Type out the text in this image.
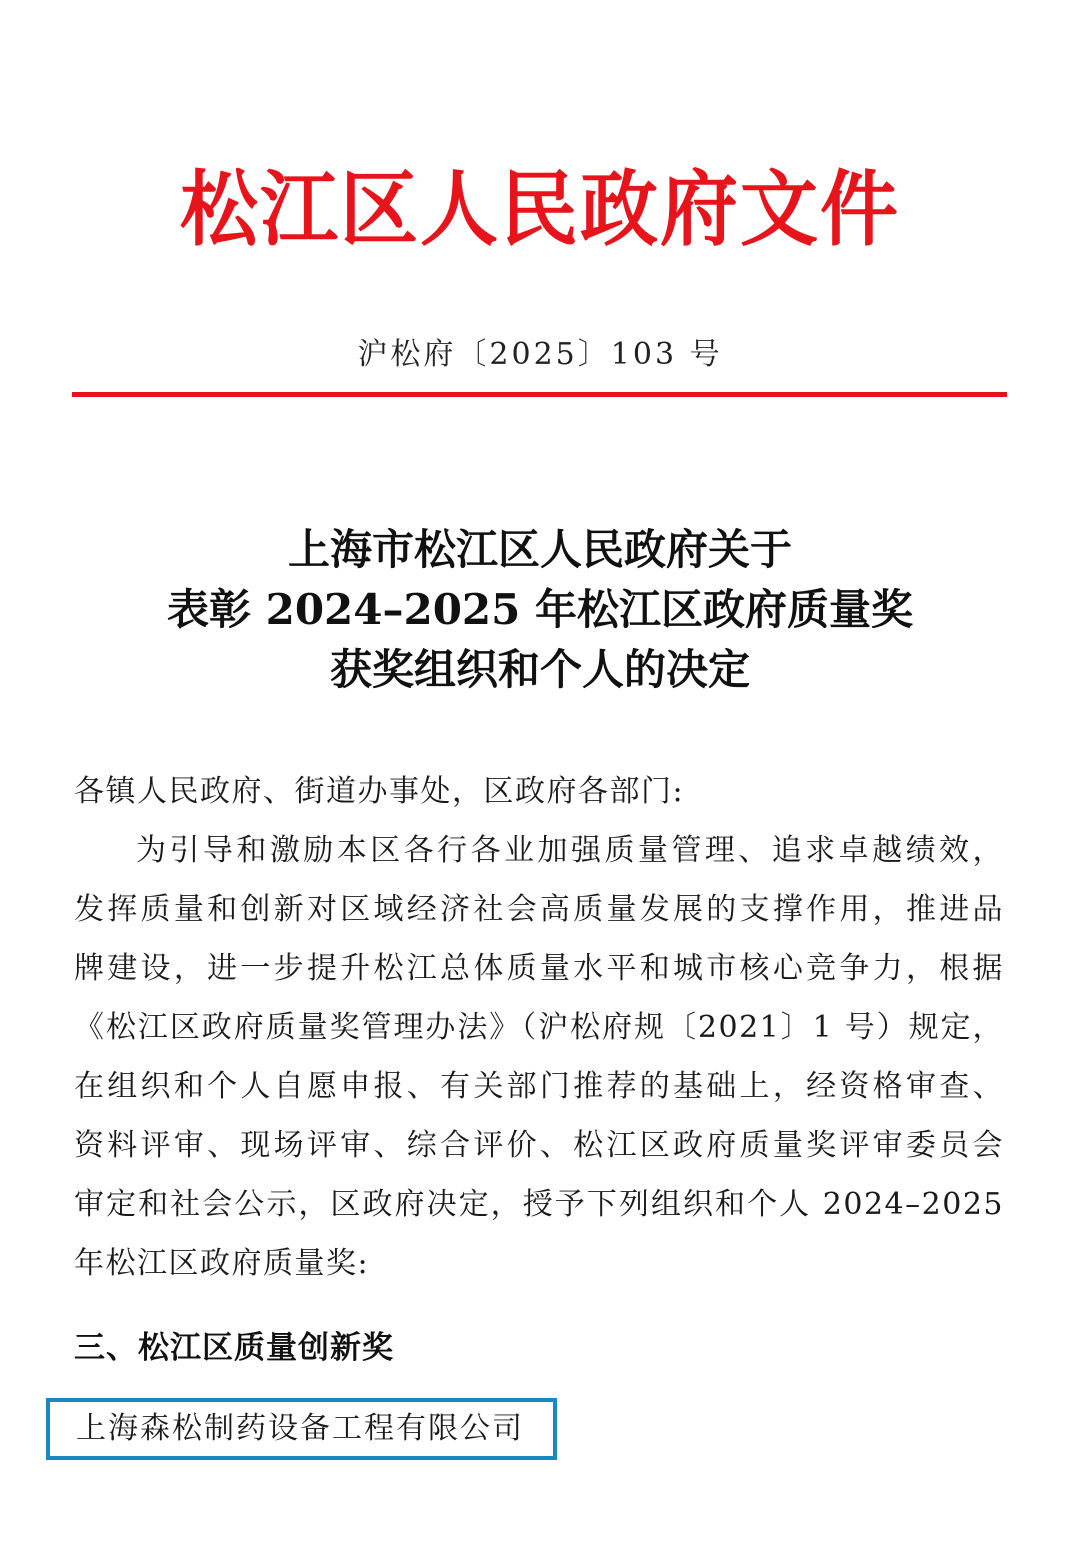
松江区人民政府文件
沪松府〔2025〕103 号
上海市松江区人民政府关于
表彰 2024–2025 年松江区政府质量奖
获奖组织和个人的决定
各镇人民政府、街道办事处，区政府各部门:
为引导和激励本区各行各业加强质量管理、追求卓越绩效，
发挥质量和创新对区域经济社会高质量发展的支撑作用，推进品
牌建设，进一步提升松江总体质量水平和城市核心竞争力，根据
《松江区政府质量奖管理办法》（沪松府规〔2021〕1 号）规定，
在组织和个人自愿申报、有关部门推荐的基础上，经资格审查、
资料评审、现场评审、综合评价、松江区政府质量奖评审委员会
审定和社会公示，区政府决定，授予下列组织和个人 2024–2025
年松江区政府质量奖:
三、松江区质量创新奖
上海森松制药设备工程有限公司
